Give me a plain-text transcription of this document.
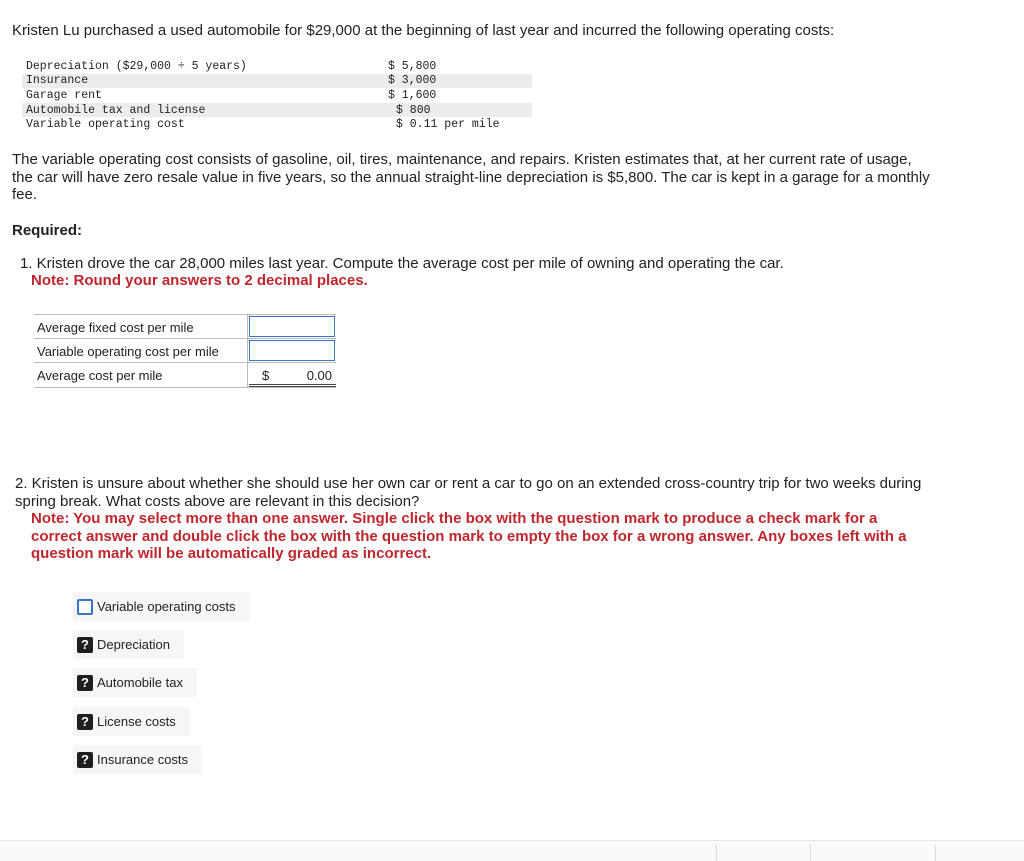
Kristen Lu purchased a used automobile for $29,000 at the beginning of last year and incurred the following operating costs:
Depreciation ($29,000 ÷ 5 years)	$ 5,800
Insurance	$ 3,000
Garage rent	$ 1,600
Automobile tax and license	$ 800
Variable operating cost	$ 0.11 per mile
The variable operating cost consists of gasoline, oil, tires, maintenance, and repairs. Kristen estimates that, at her current rate of usage, the car will have zero resale value in five years, so the annual straight-line depreciation is $5,800. The car is kept in a garage for a monthly fee.
Required:
1. Kristen drove the car 28,000 miles last year. Compute the average cost per mile of owning and operating the car.
Note: Round your answers to 2 decimal places.
Average fixed cost per mile
Variable operating cost per mile
Average cost per mile	$	0.00
2. Kristen is unsure about whether she should use her own car or rent a car to go on an extended cross-country trip for two weeks during spring break. What costs above are relevant in this decision?
Note: You may select more than one answer. Single click the box with the question mark to produce a check mark for a correct answer and double click the box with the question mark to empty the box for a wrong answer. Any boxes left with a question mark will be automatically graded as incorrect.
Variable operating costs
? Depreciation
? Automobile tax
? License costs
? Insurance costs
